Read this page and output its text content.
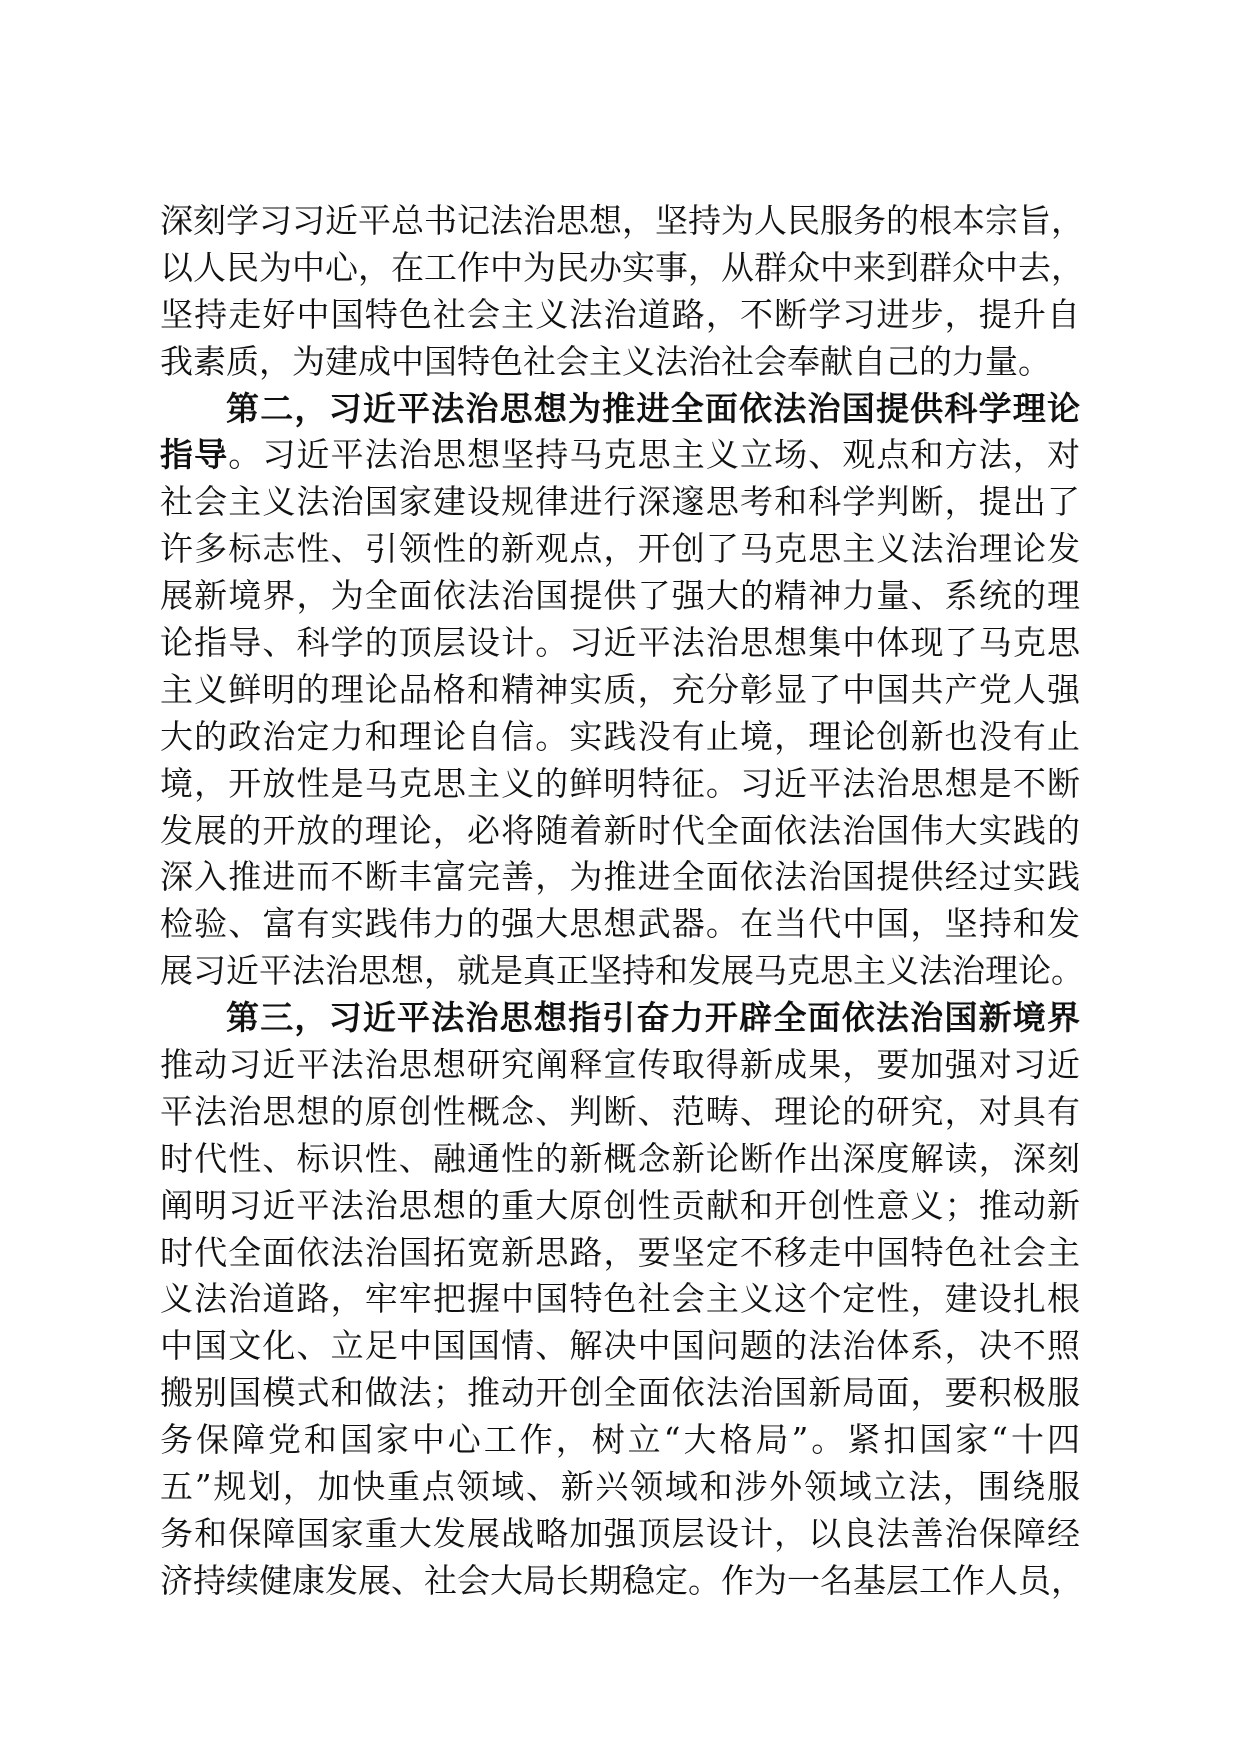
深刻学习习近平总书记法治思想，坚持为人民服务的根本宗旨，
以人民为中心，在工作中为民办实事，从群众中来到群众中去，
坚持走好中国特色社会主义法治道路，不断学习进步，提升自
我素质，为建成中国特色社会主义法治社会奉献自己的力量。
第二，习近平法治思想为推进全面依法治国提供科学理论
指导。习近平法治思想坚持马克思主义立场、观点和方法，对
社会主义法治国家建设规律进行深邃思考和科学判断，提出了
许多标志性、引领性的新观点，开创了马克思主义法治理论发
展新境界，为全面依法治国提供了强大的精神力量、系统的理
论指导、科学的顶层设计。习近平法治思想集中体现了马克思
主义鲜明的理论品格和精神实质，充分彰显了中国共产党人强
大的政治定力和理论自信。实践没有止境，理论创新也没有止
境，开放性是马克思主义的鲜明特征。习近平法治思想是不断
发展的开放的理论，必将随着新时代全面依法治国伟大实践的
深入推进而不断丰富完善，为推进全面依法治国提供经过实践
检验、富有实践伟力的强大思想武器。在当代中国，坚持和发
展习近平法治思想，就是真正坚持和发展马克思主义法治理论。
第三，习近平法治思想指引奋力开辟全面依法治国新境界
推动习近平法治思想研究阐释宣传取得新成果，要加强对习近
平法治思想的原创性概念、判断、范畴、理论的研究，对具有
时代性、标识性、融通性的新概念新论断作出深度解读，深刻
阐明习近平法治思想的重大原创性贡献和开创性意义；推动新
时代全面依法治国拓宽新思路，要坚定不移走中国特色社会主
义法治道路，牢牢把握中国特色社会主义这个定性，建设扎根
中国文化、立足中国国情、解决中国问题的法治体系，决不照
搬别国模式和做法；推动开创全面依法治国新局面，要积极服
务保障党和国家中心工作，树立“大格局”。紧扣国家“十四
五”规划，加快重点领域、新兴领域和涉外领域立法，围绕服
务和保障国家重大发展战略加强顶层设计，以良法善治保障经
济持续健康发展、社会大局长期稳定。作为一名基层工作人员，
